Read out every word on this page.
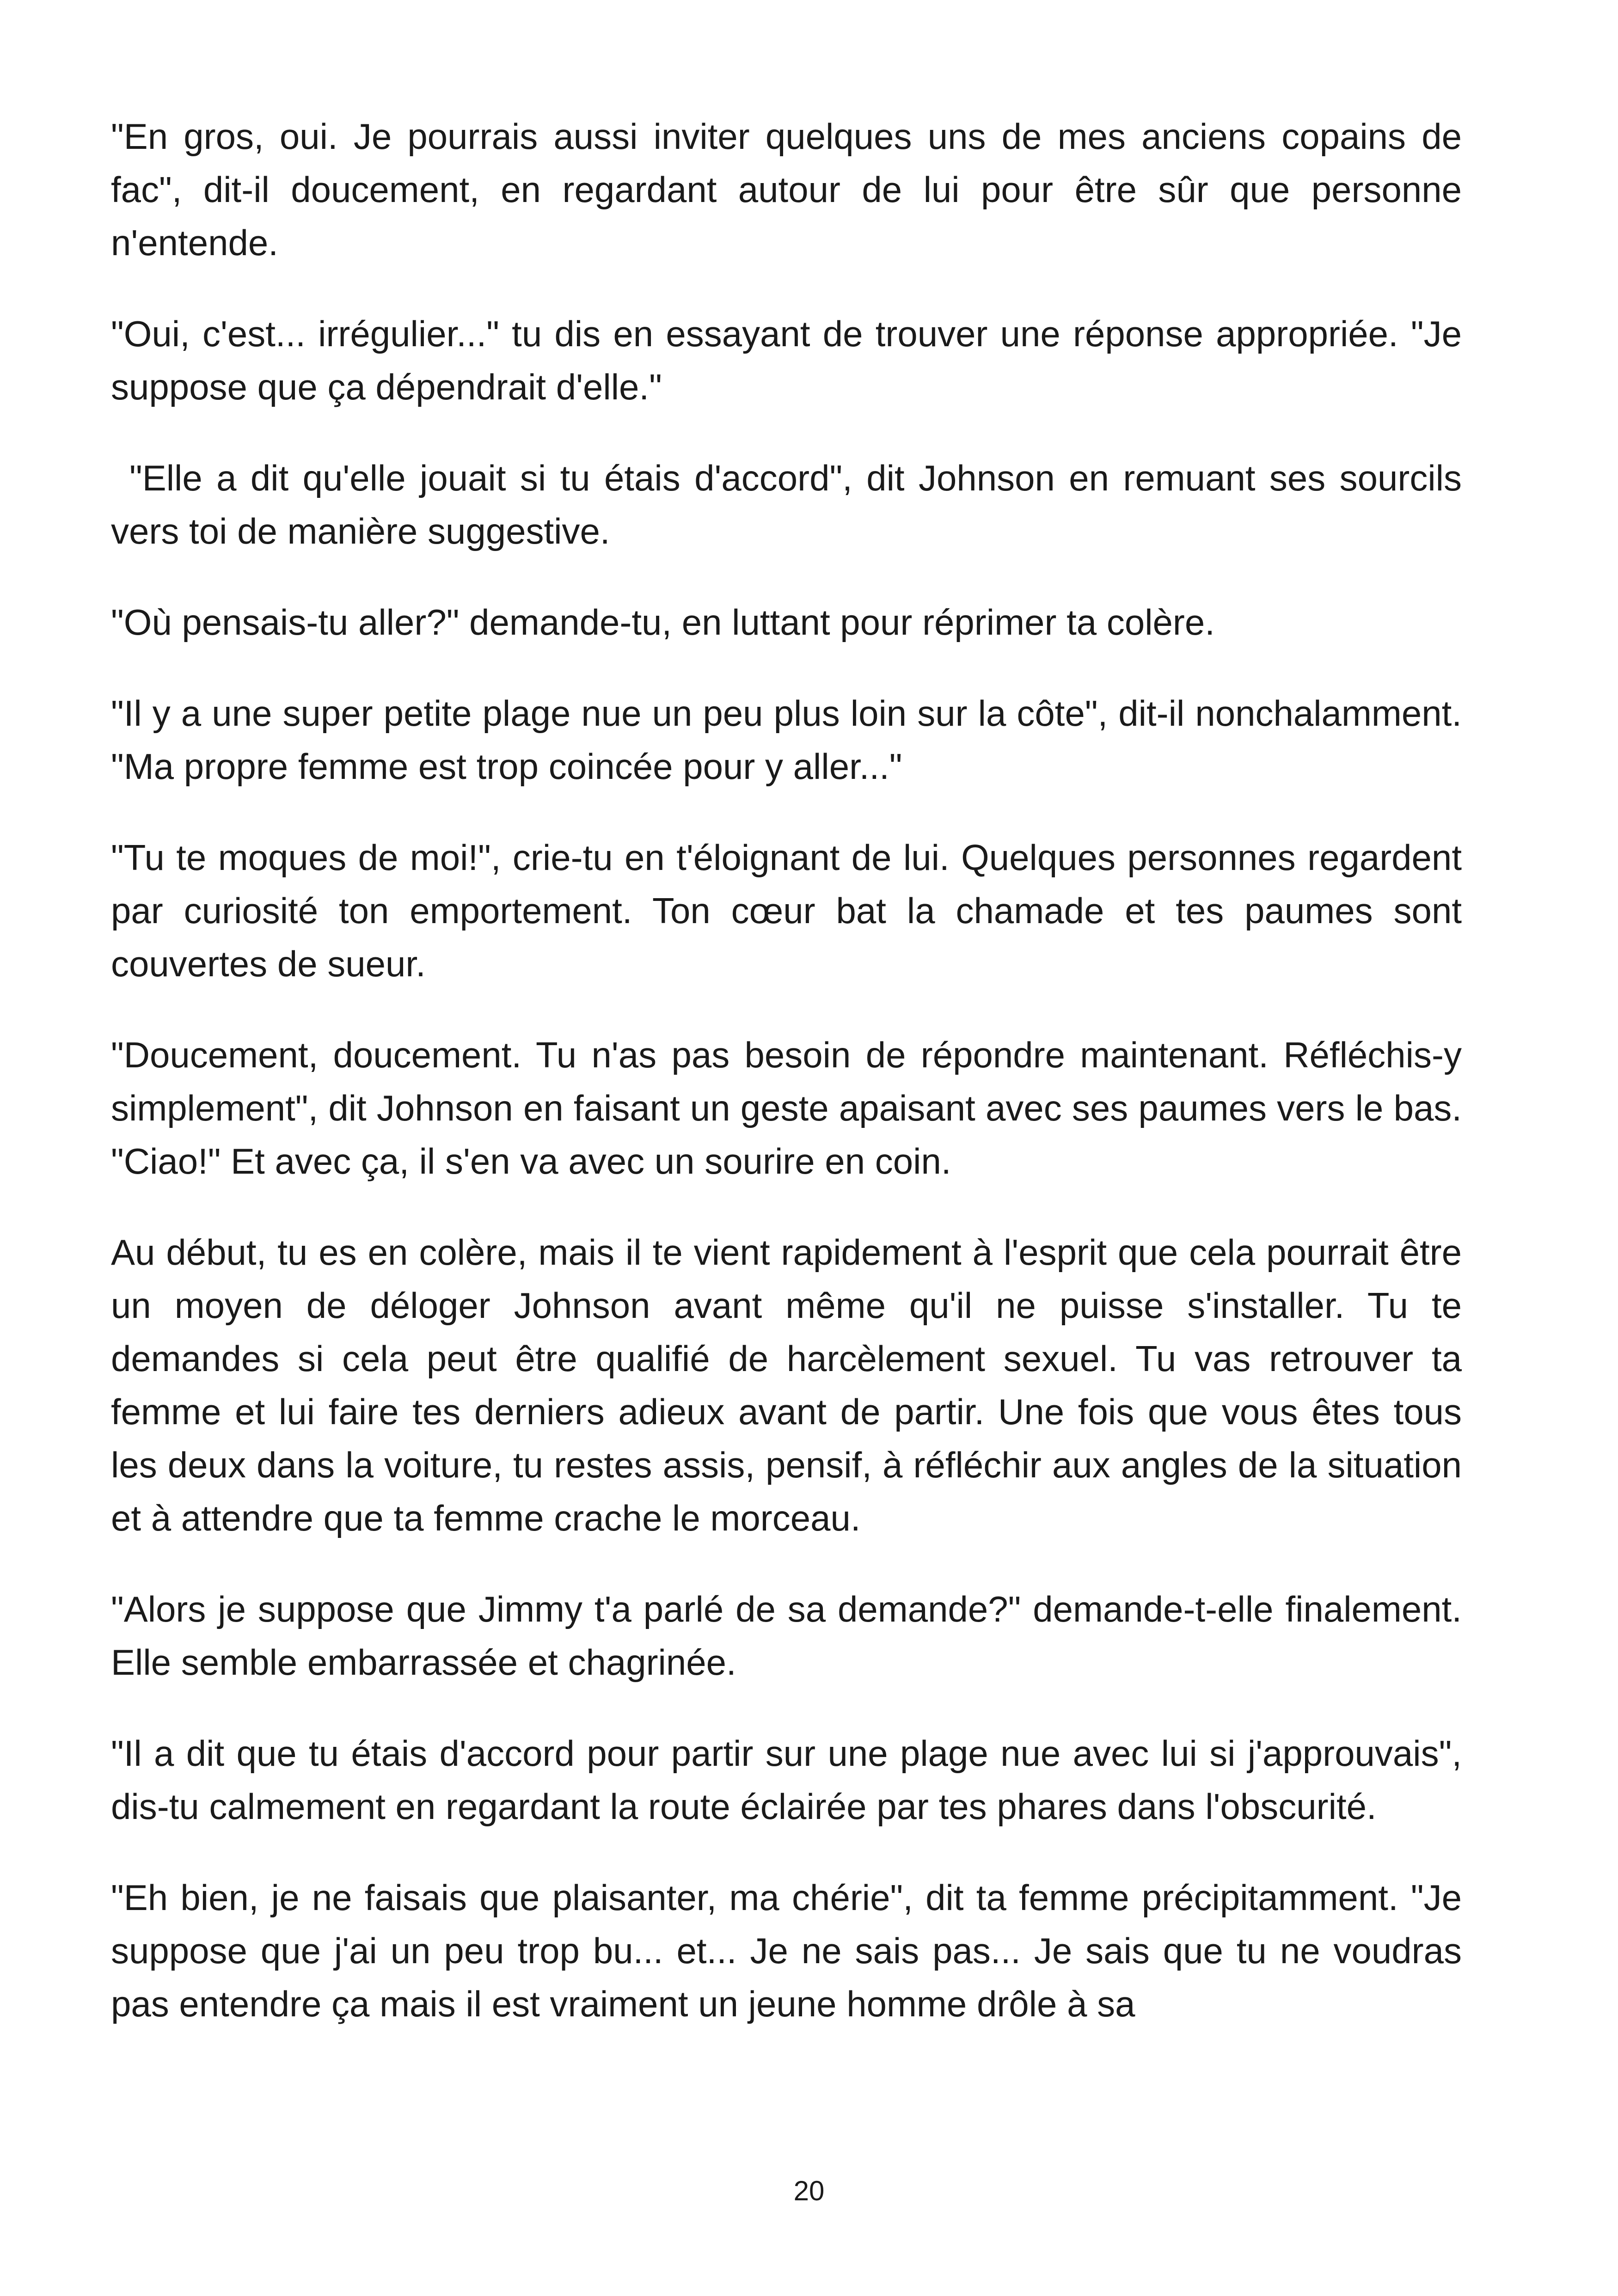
"En gros, oui. Je pourrais aussi inviter quelques uns de mes anciens copains de fac", dit-il doucement, en regardant autour de lui pour être sûr que personne n'entende.

"Oui, c'est... irrégulier..." tu dis en essayant de trouver une réponse appropriée. "Je suppose que ça dépendrait d'elle."

"Elle a dit qu'elle jouait si tu étais d'accord", dit Johnson en remuant ses sourcils vers toi de manière suggestive.

"Où pensais-tu aller?" demande-tu, en luttant pour réprimer ta colère.

"Il y a une super petite plage nue un peu plus loin sur la côte", dit-il nonchalamment. "Ma propre femme est trop coincée pour y aller..."

"Tu te moques de moi!", crie-tu en t'éloignant de lui. Quelques personnes regardent par curiosité ton emportement. Ton cœur bat la chamade et tes paumes sont couvertes de sueur.

"Doucement, doucement. Tu n'as pas besoin de répondre maintenant. Réfléchis-y simplement", dit Johnson en faisant un geste apaisant avec ses paumes vers le bas. "Ciao!" Et avec ça, il s'en va avec un sourire en coin.

Au début, tu es en colère, mais il te vient rapidement à l'esprit que cela pourrait être un moyen de déloger Johnson avant même qu'il ne puisse s'installer. Tu te demandes si cela peut être qualifié de harcèlement sexuel. Tu vas retrouver ta femme et lui faire tes derniers adieux avant de partir. Une fois que vous êtes tous les deux dans la voiture, tu restes assis, pensif, à réfléchir aux angles de la situation et à attendre que ta femme crache le morceau.

"Alors je suppose que Jimmy t'a parlé de sa demande?" demande-t-elle finalement. Elle semble embarrassée et chagrinée.

"Il a dit que tu étais d'accord pour partir sur une plage nue avec lui si j'approuvais", dis-tu calmement en regardant la route éclairée par tes phares dans l'obscurité.

"Eh bien, je ne faisais que plaisanter, ma chérie", dit ta femme précipitamment. "Je suppose que j'ai un peu trop bu... et... Je ne sais pas... Je sais que tu ne voudras pas entendre ça mais il est vraiment un jeune homme drôle à sa

20
